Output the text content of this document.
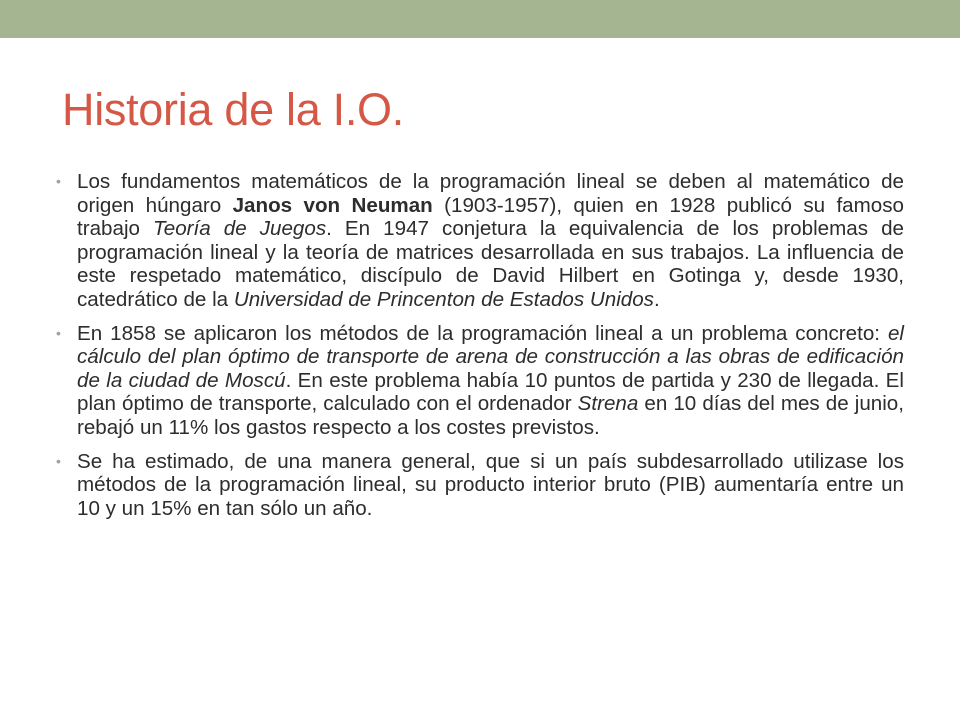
Historia de la I.O.

• Los fundamentos matemáticos de la programación lineal se deben al matemático de origen húngaro Janos von Neuman (1903-1957), quien en 1928 publicó su famoso trabajo Teoría de Juegos. En 1947 conjetura la equivalencia de los problemas de programación lineal y la teoría de matrices desarrollada en sus trabajos. La influencia de este respetado matemático, discípulo de David Hilbert en Gotinga y, desde 1930, catedrático de la Universidad de Princenton de Estados Unidos.

• En 1858 se aplicaron los métodos de la programación lineal a un problema concreto: el cálculo del plan óptimo de transporte de arena de construcción a las obras de edificación de la ciudad de Moscú. En este problema había 10 puntos de partida y 230 de llegada. El plan óptimo de transporte, calculado con el ordenador Strena en 10 días del mes de junio, rebajó un 11% los gastos respecto a los costes previstos.

• Se ha estimado, de una manera general, que si un país subdesarrollado utilizase los métodos de la programación lineal, su producto interior bruto (PIB) aumentaría entre un 10 y un 15% en tan sólo un año.
